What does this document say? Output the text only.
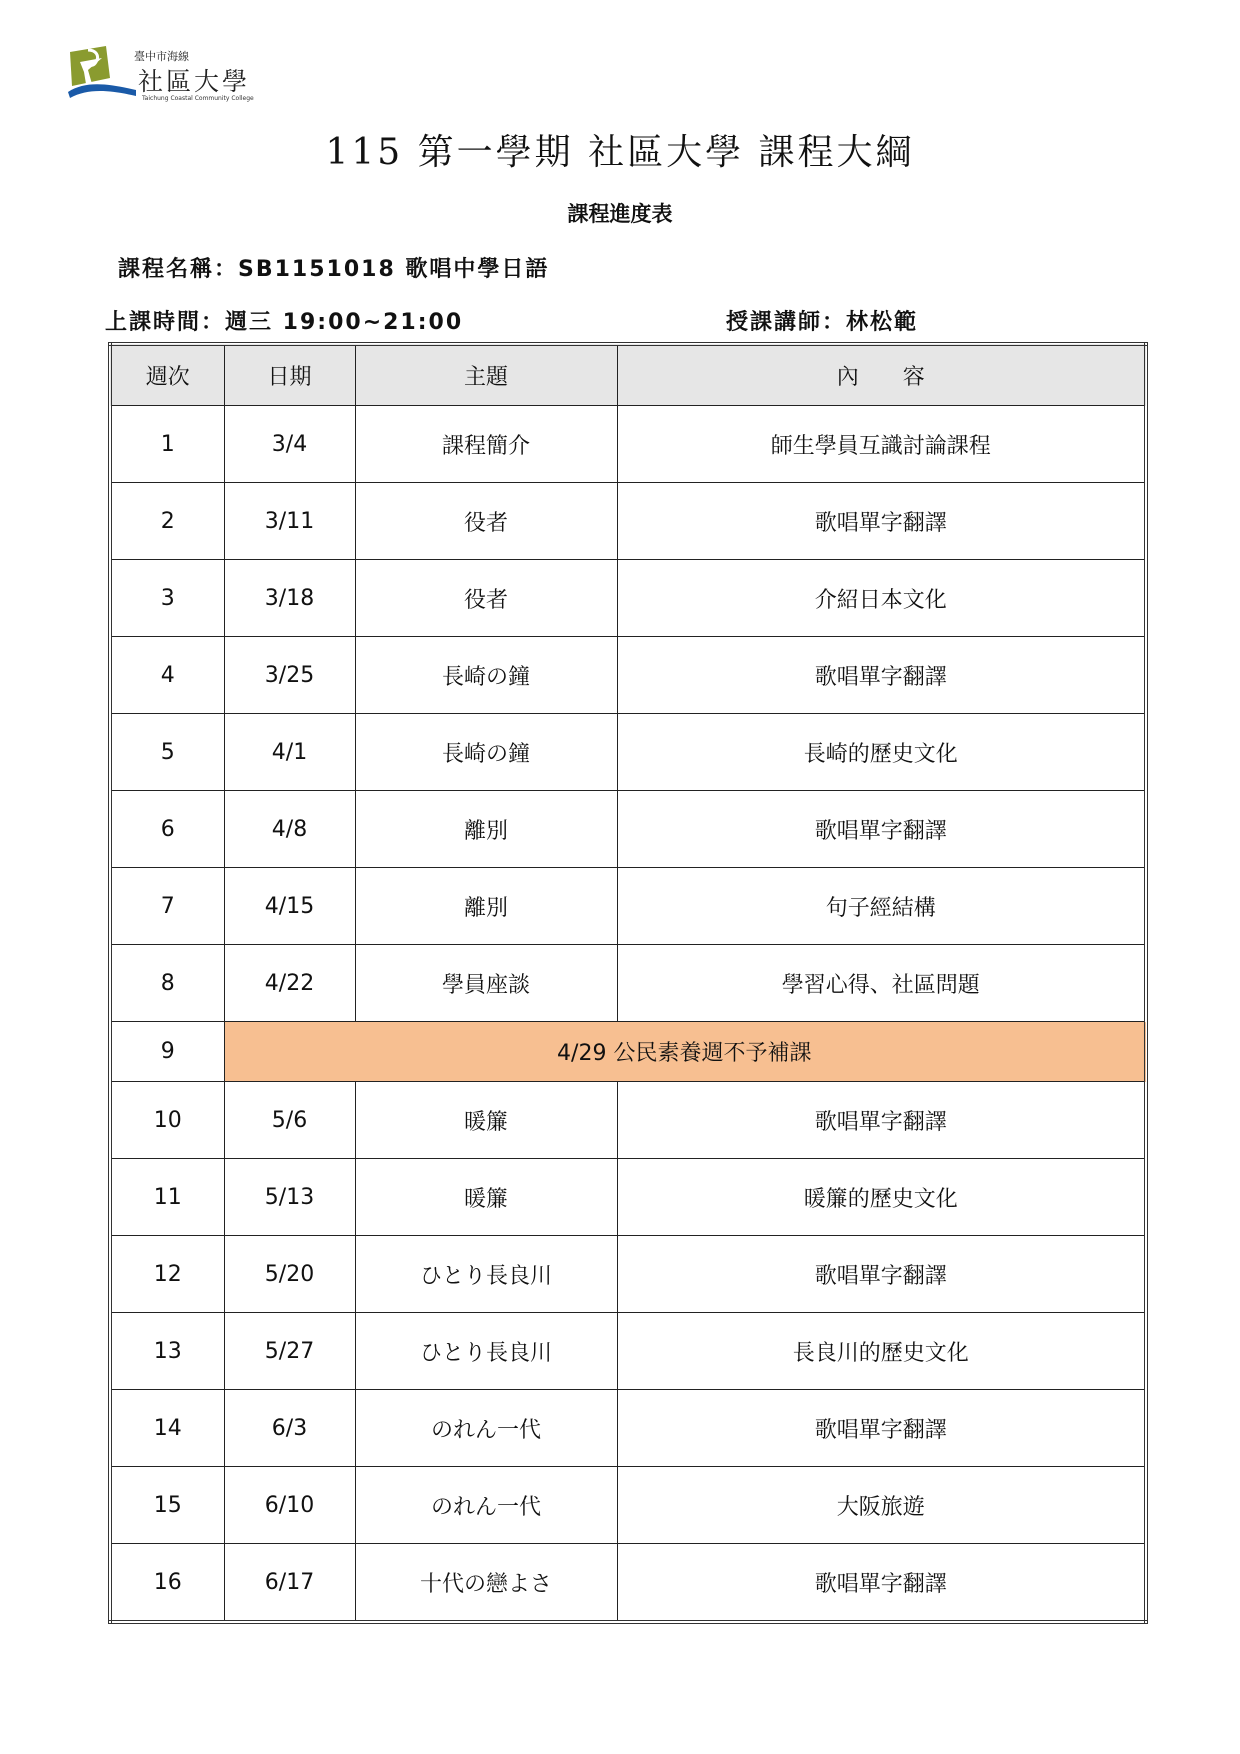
臺中市海線
社區大學
Taichung Coastal Community College
115 第一學期 社區大學 課程大綱
課程進度表
課程名稱：SB1151018 歌唱中學日語
上課時間：週三 19:00~21:00	授課講師：林松範
週次	日期	主題	內　　容
1	3/4	課程簡介	師生學員互識討論課程
2	3/11	役者	歌唱單字翻譯
3	3/18	役者	介紹日本文化
4	3/25	長崎の鐘	歌唱單字翻譯
5	4/1	長崎の鐘	長崎的歷史文化
6	4/8	離別	歌唱單字翻譯
7	4/15	離別	句子經結構
8	4/22	學員座談	學習心得、社區問題
9	4/29 公民素養週不予補課		
10	5/6	暖簾	歌唱單字翻譯
11	5/13	暖簾	暖簾的歷史文化
12	5/20	ひとり長良川	歌唱單字翻譯
13	5/27	ひとり長良川	長良川的歷史文化
14	6/3	のれん一代	歌唱單字翻譯
15	6/10	のれん一代	大阪旅遊
16	6/17	十代の戀よさ	歌唱單字翻譯
